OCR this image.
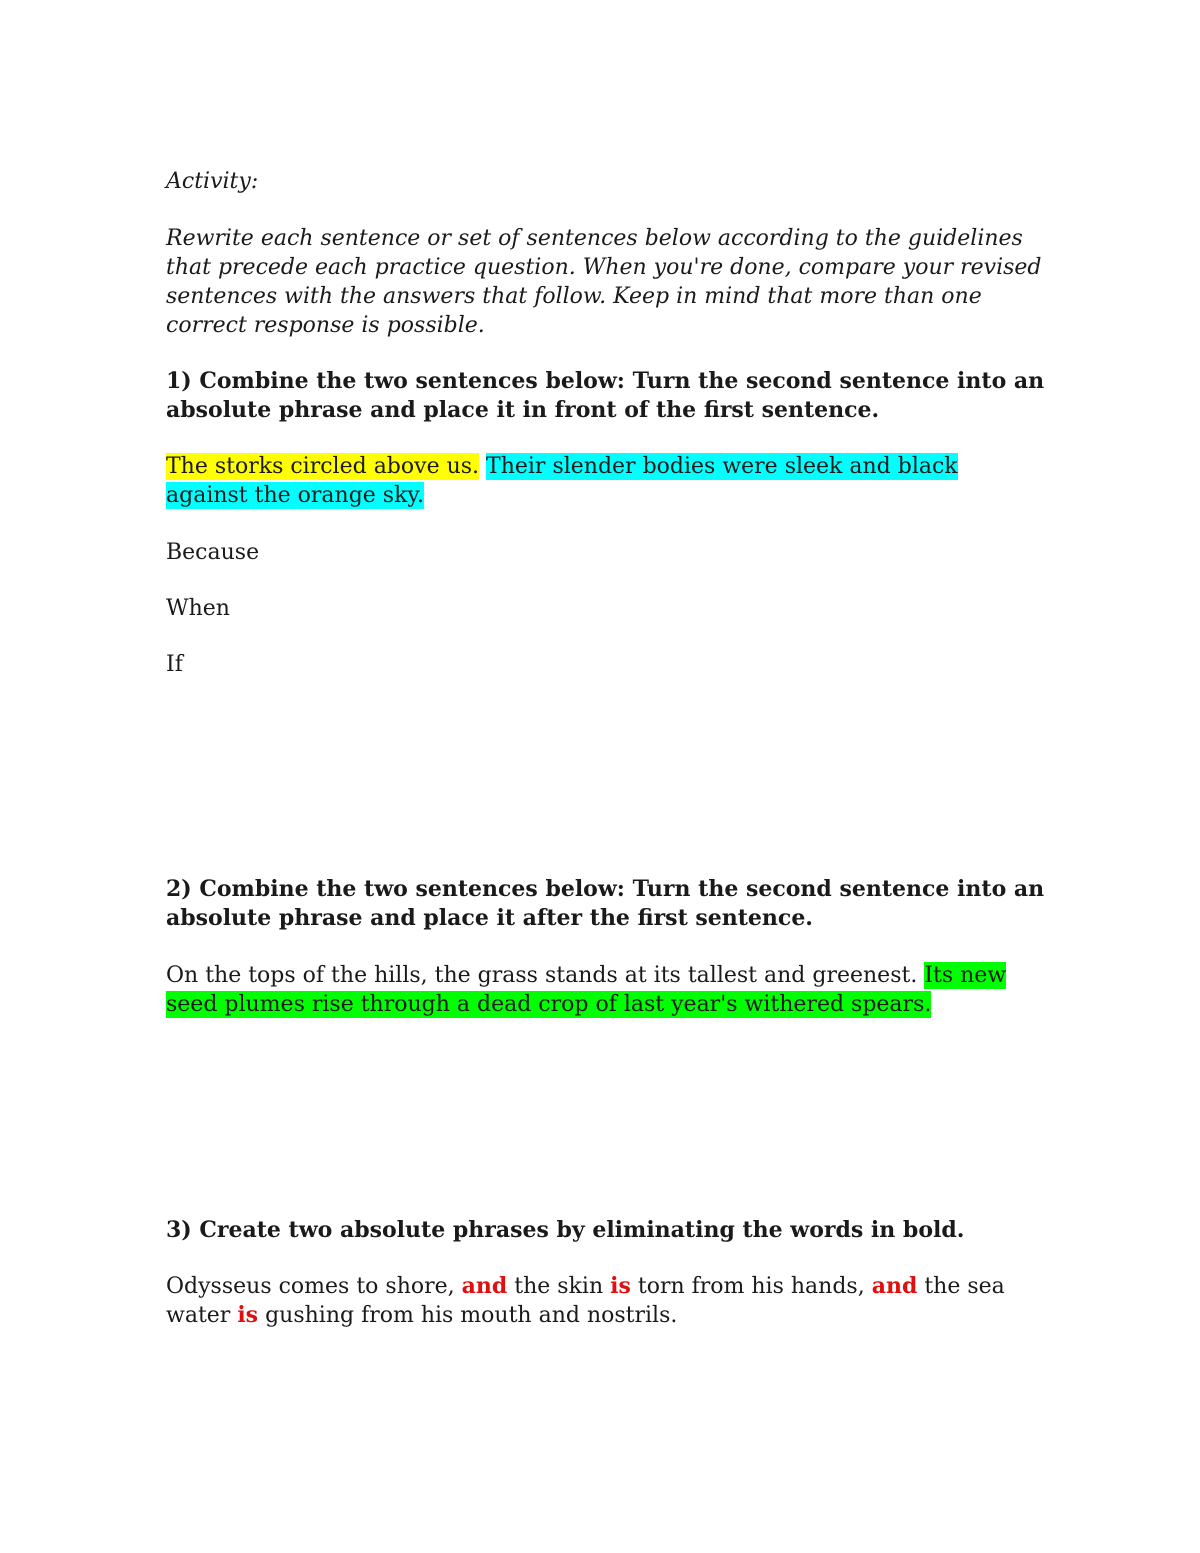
Activity:
Rewrite each sentence or set of sentences below according to the guidelines that precede each practice question. When you're done, compare your revised sentences with the answers that follow. Keep in mind that more than one correct response is possible.
1) Combine the two sentences below: Turn the second sentence into an absolute phrase and place it in front of the first sentence.
The storks circled above us. Their slender bodies were sleek and black against the orange sky.
Because
When
If
2) Combine the two sentences below: Turn the second sentence into an absolute phrase and place it after the first sentence.
On the tops of the hills, the grass stands at its tallest and greenest. Its new seed plumes rise through a dead crop of last year's withered spears.
3) Create two absolute phrases by eliminating the words in bold.
Odysseus comes to shore, and the skin is torn from his hands, and the sea water is gushing from his mouth and nostrils.
